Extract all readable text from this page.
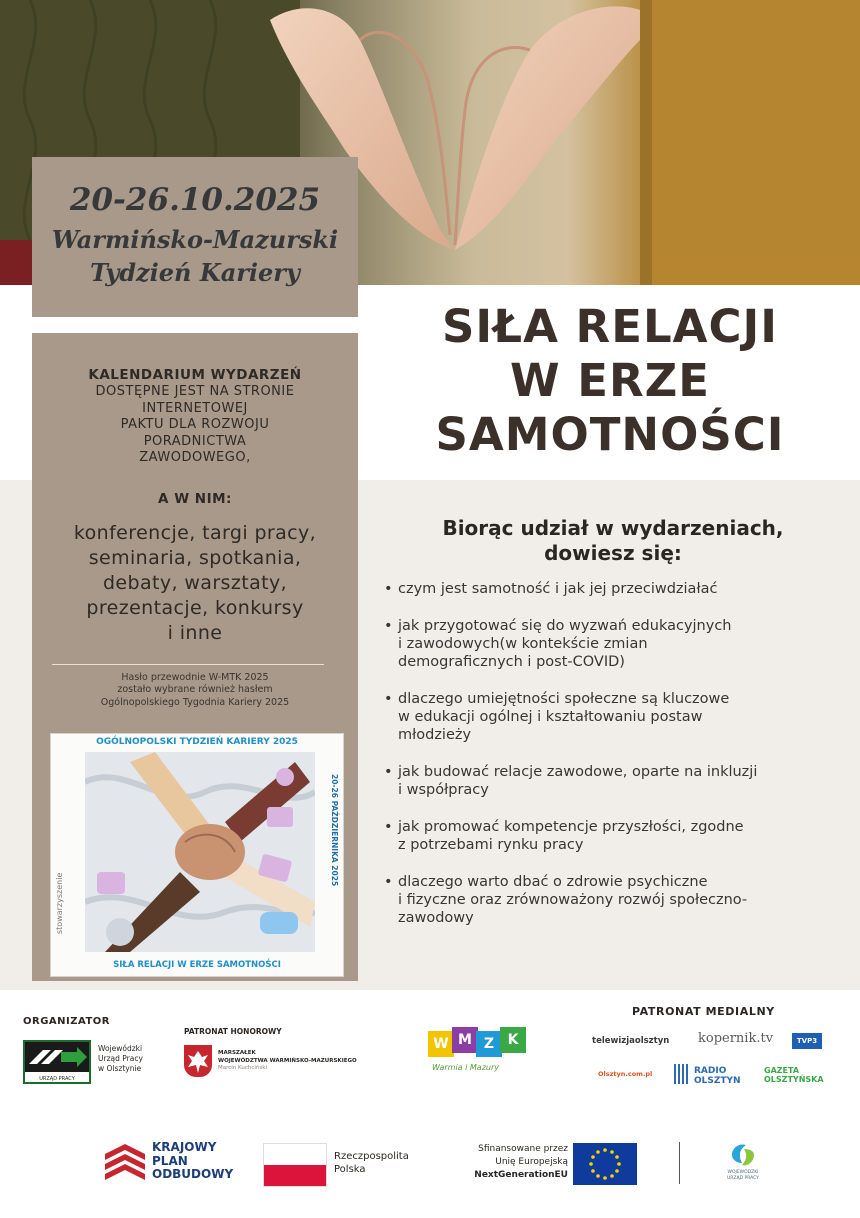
20-26.10.2025
Warmińsko-Mazurski
Tydzień Kariery
SIŁA RELACJI
W ERZE
SAMOTNOŚCI
KALENDARIUM WYDARZEŃ
DOSTĘPNE JEST NA STRONIE
INTERNETOWEJ
PAKTU DLA ROZWOJU
PORADNICTWA
ZAWODOWEGO,
A W NIM:
konferencje, targi pracy,
seminaria, spotkania,
debaty, warsztaty,
prezentacje, konkursy
i inne
Hasło przewodnie W-MTK 2025
zostało wybrane również hasłem
Ogólnopolskiego Tygodnia Kariery 2025
OGÓLNOPOLSKI TYDZIEŃ KARIERY 2025
stowarzyszenie
20-26 PAŹDZIERNIKA 2025
SIŁA RELACJI W ERZE SAMOTNOŚCI
Biorąc udział w wydarzeniach,
dowiesz się:
• czym jest samotność i jak jej przeciwdziałać
• jak przygotować się do wyzwań edukacyjnych
i zawodowych(w kontekście zmian
demograficznych i post-COVID)
• dlaczego umiejętności społeczne są kluczowe
w edukacji ogólnej i kształtowaniu postaw
młodzieży
• jak budować relacje zawodowe, oparte na inkluzji
i współpracy
• jak promować kompetencje przyszłości, zgodne
z potrzebami rynku pracy
• dlaczego warto dbać o zdrowie psychiczne
i fizyczne oraz zrównoważony rozwój społeczno-
zawodowy
ORGANIZATOR
URZĄD PRACY
Wojewódzki
Urząd Pracy
w Olsztynie
PATRONAT HONOROWY
MARSZAŁEK
WOJEWÓDZTWA WARMIŃSKO-MAZURSKIEGO
Marcin Kuchciński
W M Z K
Warmia i Mazury
PATRONAT MEDIALNY
telewizjaolsztyn kopernik.tv	TVP3
Olsztyn.com.pl	RADIO OLSZTYN
GAZETA OLSZTYŃSKA
KRAJOWY
PLAN
ODBUDOWY
Rzeczpospolita
Polska
Sfinansowane przez
Unię Europejską
NextGenerationEU	WOJEWÓDZKI
URZĄD PRACY
